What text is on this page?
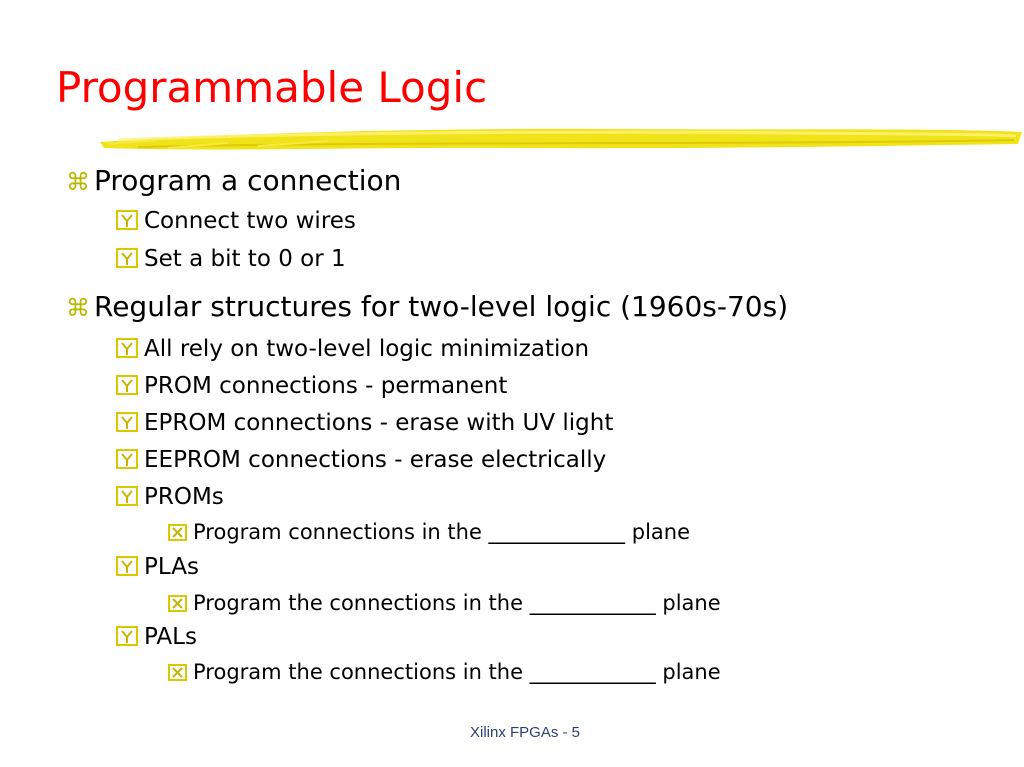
Programmable Logic
⌘ Program a connection
Connect two wires
Set a bit to 0 or 1
⌘ Regular structures for two-level logic (1960s-70s)
All rely on two-level logic minimization
PROM connections - permanent
EPROM connections - erase with UV light
EEPROM connections - erase electrically
PROMs
Program connections in the _____________ plane
PLAs
Program the connections in the ____________ plane
PALs
Program the connections in the ____________ plane
Xilinx FPGAs - 5
